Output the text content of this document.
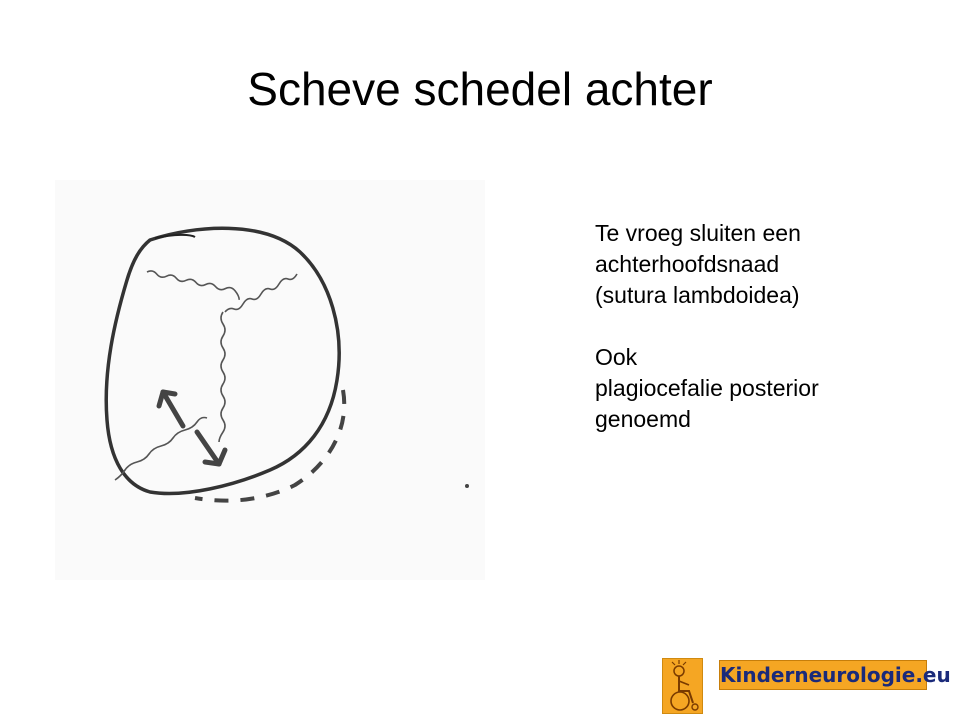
Scheve schedel achter
Te vroeg sluiten een
achterhoofdsnaad
(sutura lambdoidea)
Ook
plagiocefalie posterior
genoemd
Kinderneurologie.eu
